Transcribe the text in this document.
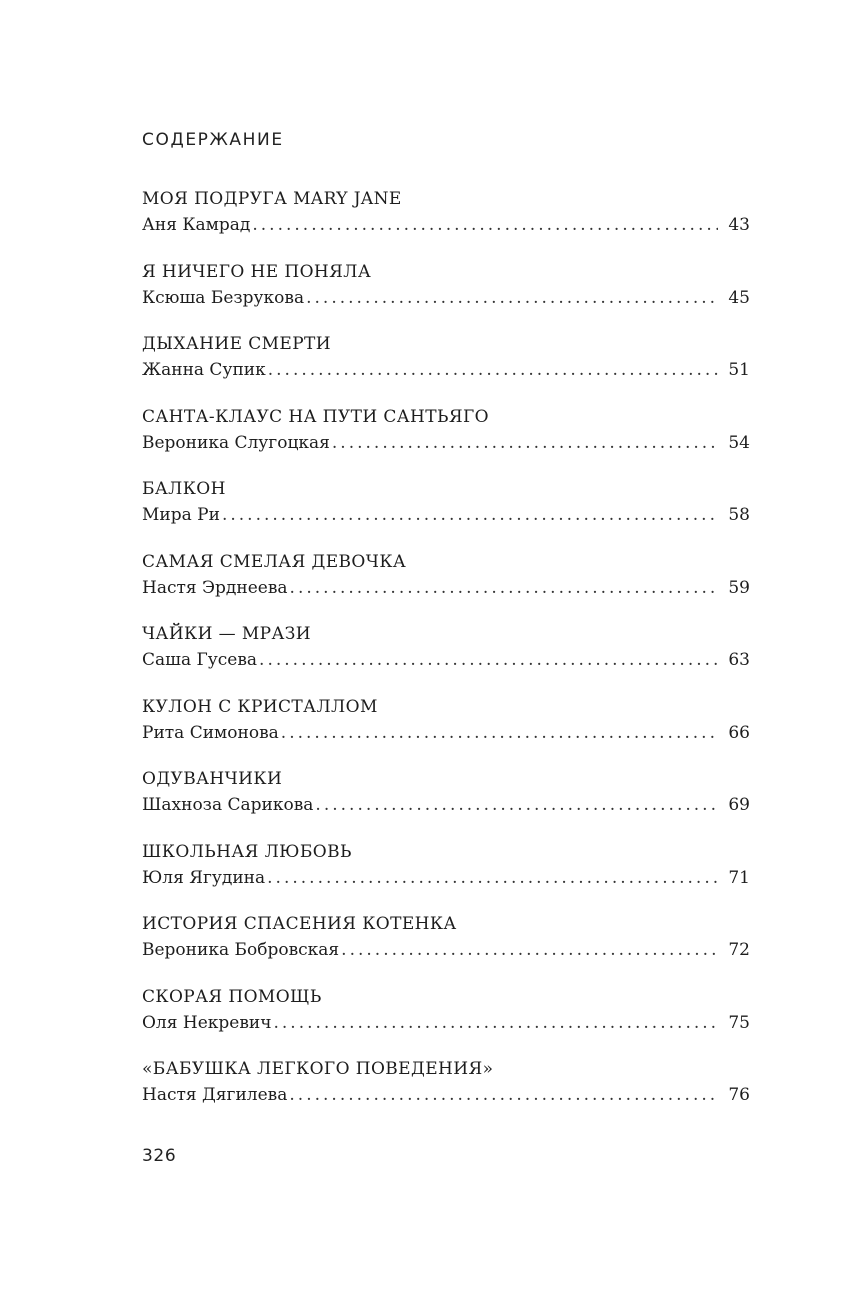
СОДЕРЖАНИЕ
МОЯ ПОДРУГА MARY JANE
Аня Камрад . . .	43
Я НИЧЕГО НЕ ПОНЯЛА
Ксюша Безрукова . . .	45
ДЫХАНИЕ СМЕРТИ
Жанна Супик . . .	51
САНТА-КЛАУС НА ПУТИ САНТЬЯГО
Вероника Слугоцкая . . .	54
БАЛКОН
Мира Ри . . .	58
САМАЯ СМЕЛАЯ ДЕВОЧКА
Настя Эрднеева . . .	59
ЧАЙКИ — МРАЗИ
Саша Гусева . . .	63
КУЛОН С КРИСТАЛЛОМ
Рита Симонова . . .	66
ОДУВАНЧИКИ
Шахноза Сарикова . . .	69
ШКОЛЬНАЯ ЛЮБОВЬ
Юля Ягудина . . .	71
ИСТОРИЯ СПАСЕНИЯ КОТЕНКА
Вероника Бобровская . . .	72
СКОРАЯ ПОМОЩЬ
Оля Некревич . . .	75
«БАБУШКА ЛЕГКОГО ПОВЕДЕНИЯ»
Настя Дягилева . . .	76
326
